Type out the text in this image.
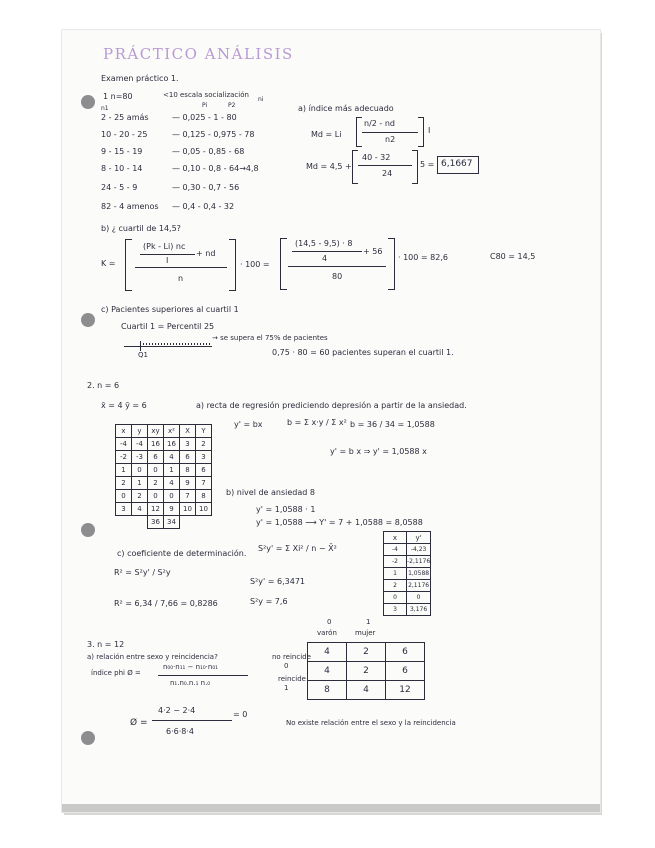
PRÁCTICO ANÁLISIS
Examen práctico 1.
1 n=80	<10 escala socialización
n1	Pi	P2
ni
2 - 25 amás	— 0,025 - 1 - 80
10 - 20 - 25	— 0,125 - 0,975 - 78
9 - 15 - 19	— 0,05 - 0,85 - 68
8 - 10 - 14	— 0,10 - 0,8 - 64→4,8
24 - 5 - 9	— 0,30 - 0,7 - 56
82 - 4 amenos — 0,4 - 0,4 - 32
a) índice más adecuado
Md = Li
n/2 - nd
n2
I
Md = 4,5 +
40 - 32
24
5 = 6,1667
b) ¿ cuartil de 14,5?
K =
(Pk - Li) nc
I
+ nd
n
· 100 =
(14,5 - 9,5) · 8
4
+ 56
80
· 100 = 82,6	C80 = 14,5
c) Pacientes superiores al cuartil 1
Cuartil 1 = Percentil 25
Q1
→ se supera el 75% de pacientes
0,75 · 80 = 60 pacientes superan el cuartil 1.
2. n = 6
x̄ = 4 ȳ = 6	a) recta de regresión prediciendo depresión a partir de la ansiedad.
y' = bx	b = Σ x·y / Σ x² b = 36 / 34 = 1,0588
y' = b x ⇒ y' = 1,0588 x
x	y	xy	x²	X	Y
-4	-4	16	16	3	2
-2	-3	6	4	6	3
1	0	0	1	8	6
2	1	2	4	9	7
0	2	0	0	7	8
3	4	12	9	10	10
		36	34		
b) nivel de ansiedad 8
y' = 1,0588 · 1
y' = 1,0588 ⟶ Y' = 7 + 1,0588 = 8,0588
c) coeficiente de determinación.
S²y' = Σ Xi² / n − X̄²
R² = S²y' / S²y
S²y' = 6,3471
S²y = 7,6
R² = 6,34 / 7,66 = 0,8286
x	y'
-4	-4,23
-2	-2,1176
1	1,0588
2	2,1176
0	0
3	3,176
3. n = 12
a) relación entre sexo y reincidencia?
índice phi Ø =
n₀₀·n₁₁ − n₁₀·n₀₁
n₁.n₀.n.₁ n.₀
Ø =
4·2 − 2·4
6·6·8·4
= 0
0
varón
1
mujer
no reincide
0
reincide
1
4	2	6
4	2	6
8	4	12
No existe relación entre el sexo y la reincidencia
